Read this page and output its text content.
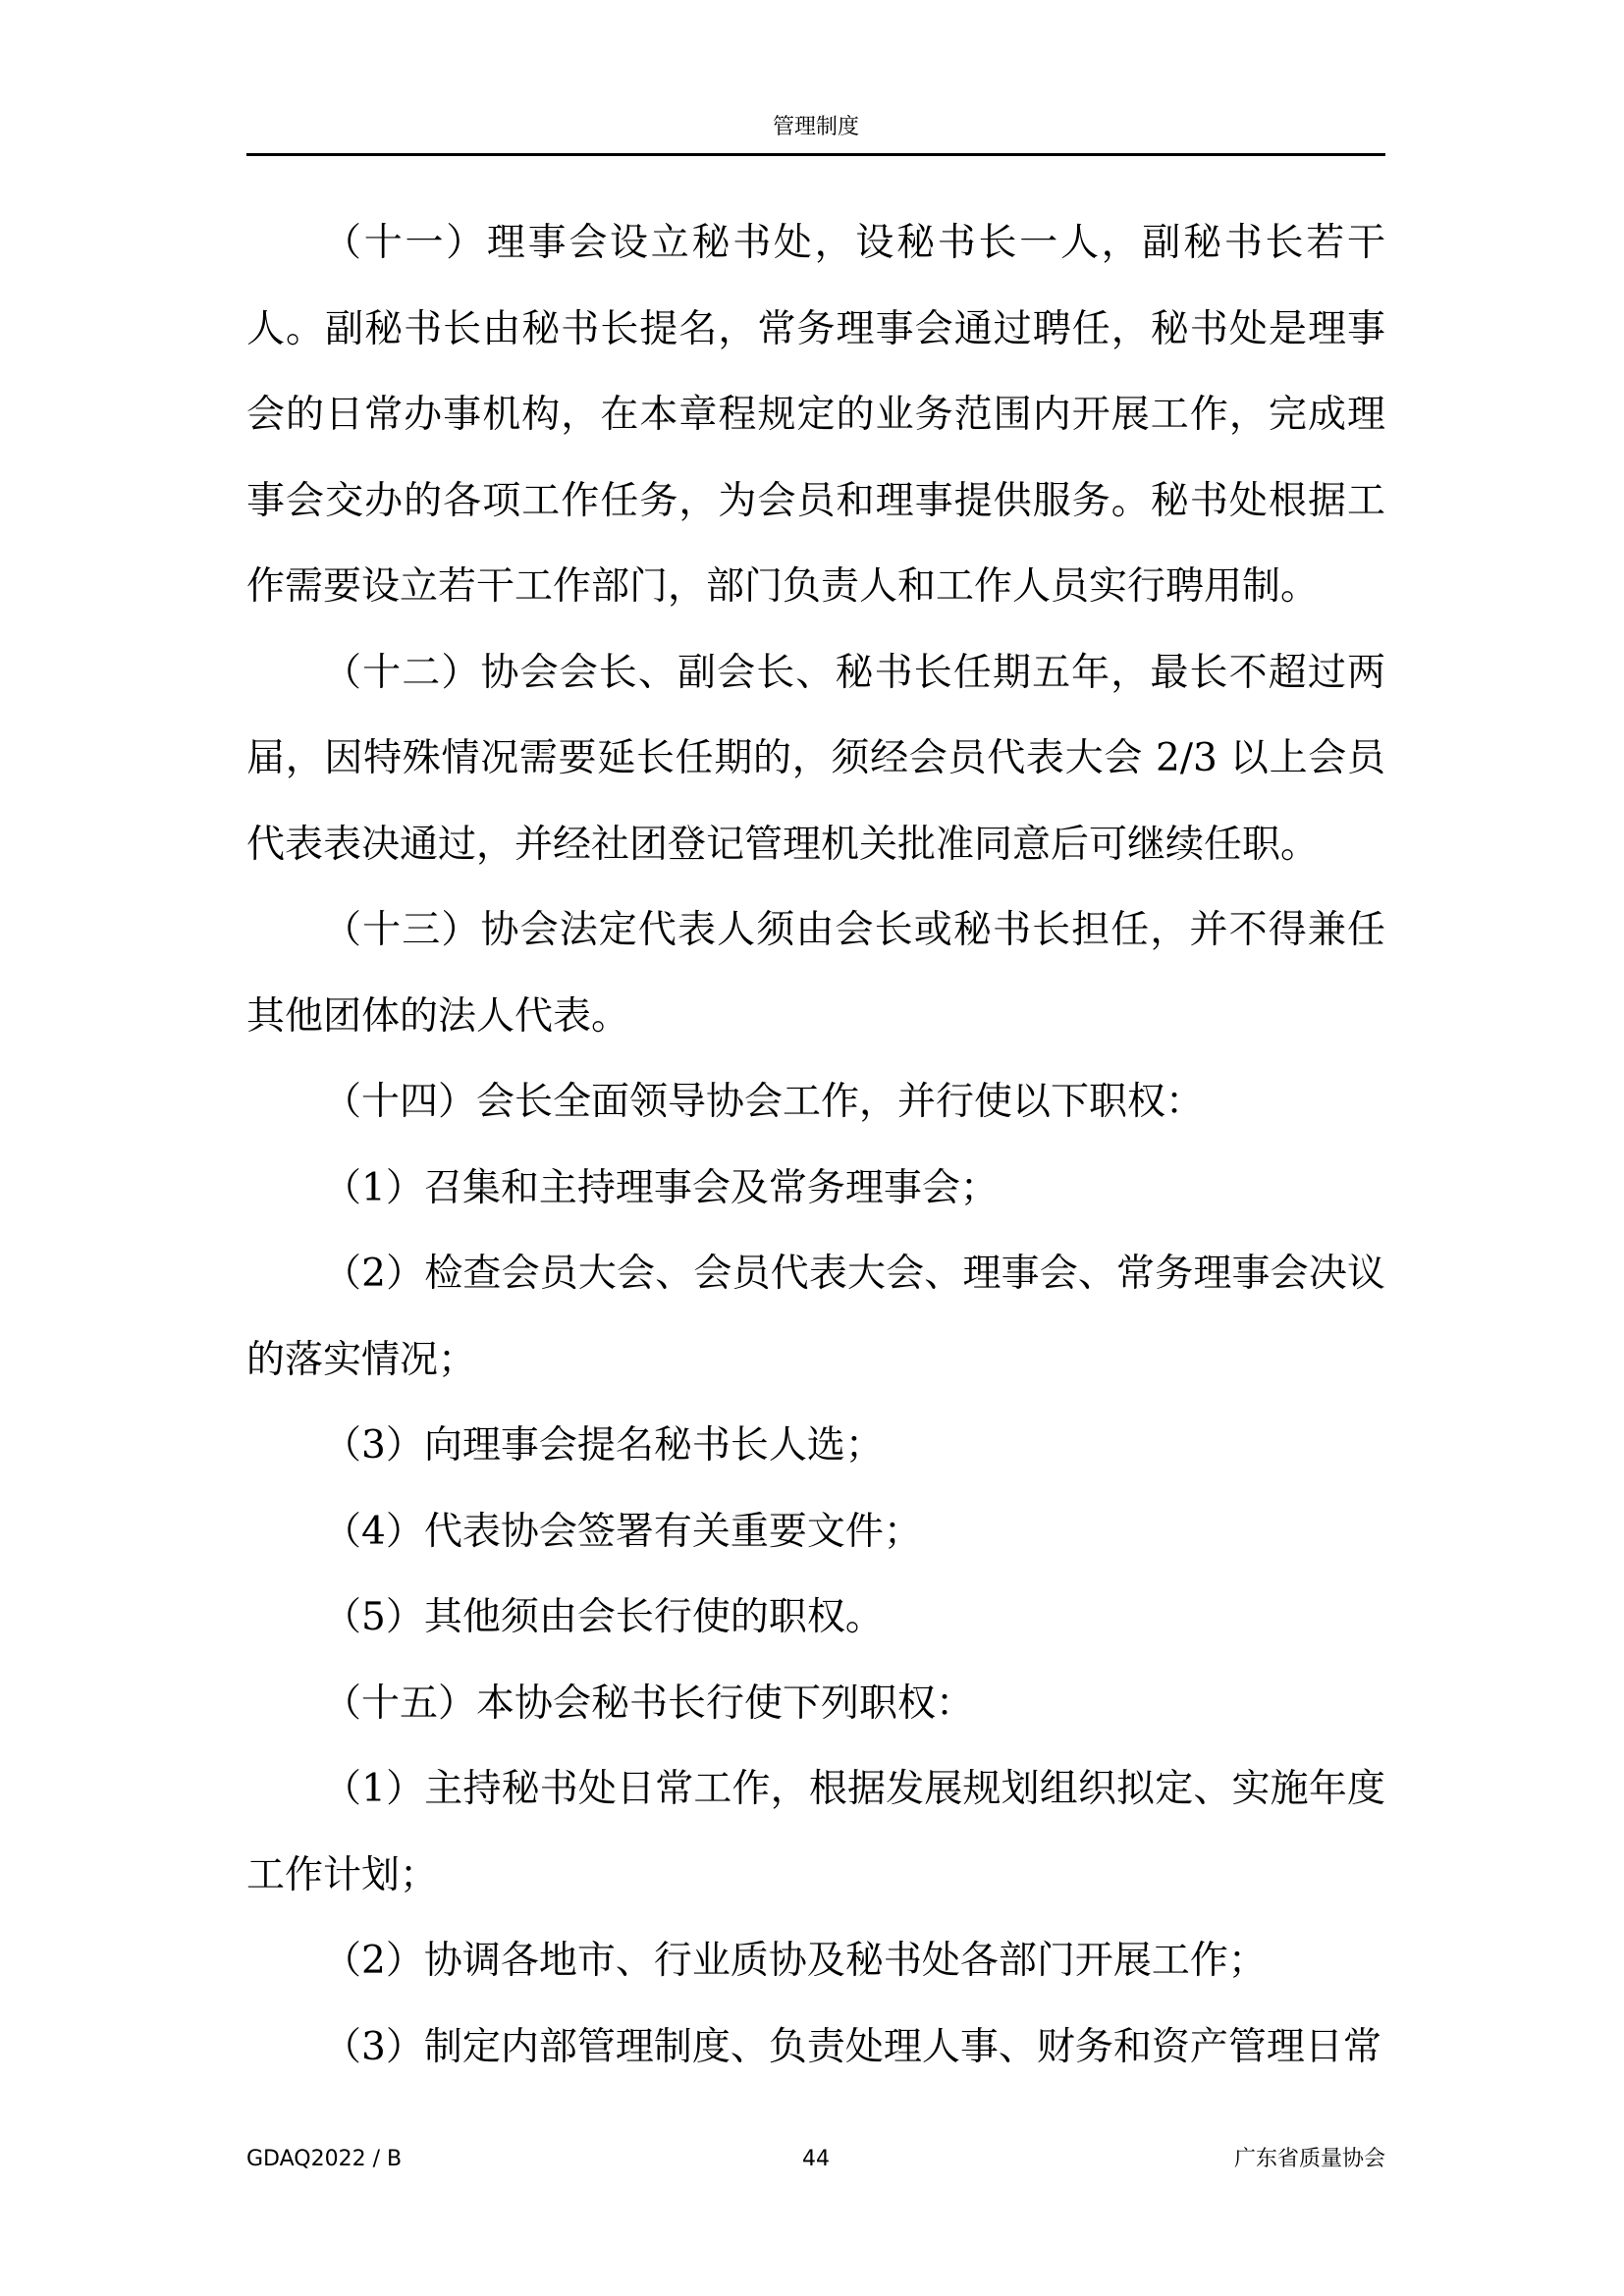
管理制度

（十一）理事会设立秘书处，设秘书长一人，副秘书长若干人。副秘书长由秘书长提名，常务理事会通过聘任，秘书处是理事会的日常办事机构，在本章程规定的业务范围内开展工作，完成理事会交办的各项工作任务，为会员和理事提供服务。秘书处根据工作需要设立若干工作部门，部门负责人和工作人员实行聘用制。

（十二）协会会长、副会长、秘书长任期五年，最长不超过两届，因特殊情况需要延长任期的，须经会员代表大会 2/3 以上会员代表表决通过，并经社团登记管理机关批准同意后可继续任职。

（十三）协会法定代表人须由会长或秘书长担任，并不得兼任其他团体的法人代表。

（十四）会长全面领导协会工作，并行使以下职权：

（1）召集和主持理事会及常务理事会；

（2）检查会员大会、会员代表大会、理事会、常务理事会决议的落实情况；

（3）向理事会提名秘书长人选；

（4）代表协会签署有关重要文件；

（5）其他须由会长行使的职权。

（十五）本协会秘书长行使下列职权：

（1）主持秘书处日常工作，根据发展规划组织拟定、实施年度工作计划；

（2）协调各地市、行业质协及秘书处各部门开展工作；

（3）制定内部管理制度、负责处理人事、财务和资产管理日常

GDAQ2022 / B	44	广东省质量协会
